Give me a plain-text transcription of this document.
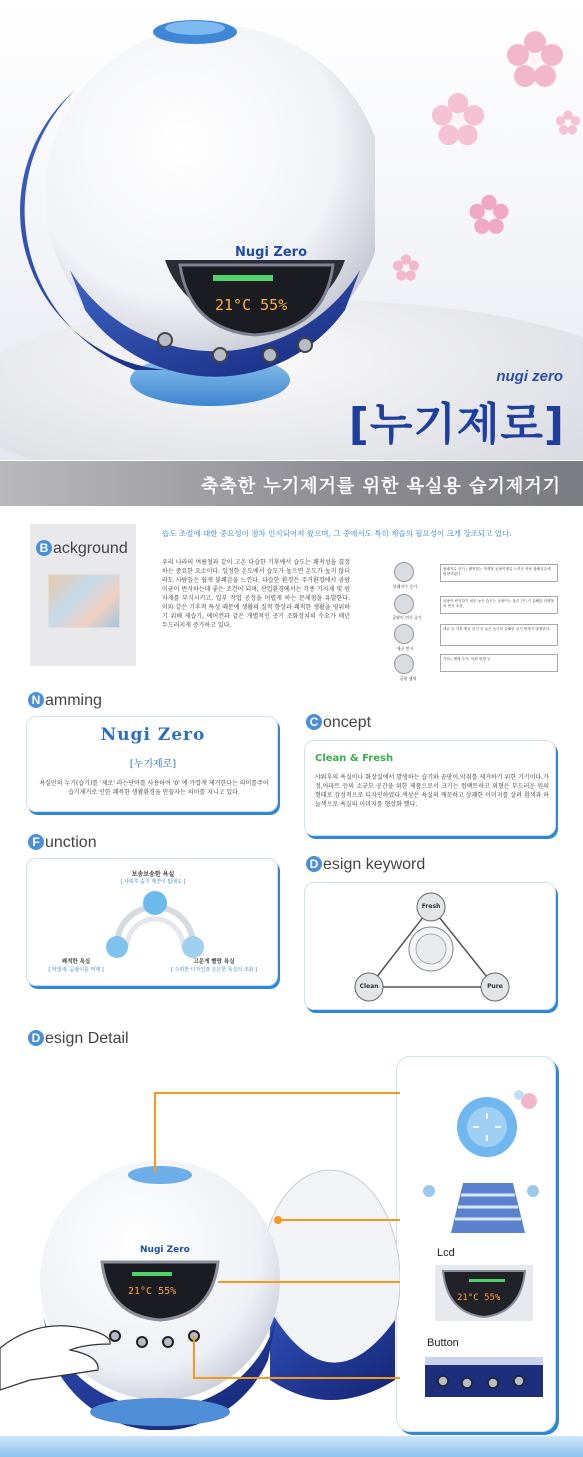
Nugi Zero
21°C 55%
nugi zero
[누기제로]
축축한 누기제거를 위한 욕실용 습기제거기
B ackground
습도 조절에 대한 중요성이 점차 인식되어져 왔으며, 그 중에서도 특히 제습의 필요성이 크게 강조되고 있다.
우리 나라의 여름철과 같이 고온 다습한 기후에서 습도는 쾌적성을 결정하는 중요한 요소이다. 일정한 온도에서 습도가 높으면 온도가 높지 않더라도 사람들은 쉽게 불쾌감을 느낀다. 다습한 환경은 주거환경에서 곰팡이균이 번식하는데 좋은 조건이 되며, 산업환경에서는 각종 기자재 및 원자재를 부식시키고, 일부 작업 공정을 어렵게 하는 문제점을 유발한다. 이와 같은 기후적 특성 때문에 생활의 질적 향상과 쾌적한 생활을 영위하기 위해 제습기, 에어컨과 같은 개별적인 공기 조화장치의 수요가 매년 두드러지게 증가하고 있다.
불쾌지수 증가
불쾌지수 증가 / 쾌적하는 미생물 곰팡이방류 느끼운 작용 불쾌지수에 영향하였다.
곰팡이 번식 증가
곰팡이 번식하기 쉬운 높은 습도는 곰팡이는 물론 진드기 유해한 미생물의 번식 조건
세균 번식
세균 등 각종 병균 증식 등 높은 습기의 유해한 공기 발생시 발생한다.
곰팡 냄새
기타 / 냄새 부식, 악취 발생 등
N amming
Nugi Zero
[누기제로]
욕실안의 누기(습기)를 '제로' 라는단어를 사용하여 '0' 에 가깝게 제거한다는 의미를주어 습기제거로 인한 쾌적한 생활환경을 만들자는 의미를 지니고 있다.
C oncept
Clean & Fresh
샤워후의 욕실이나 화장실에서 발생하는 습기와 곰팡이,악취를 제거하기 위한 기기이다.가정,아파트 등의 소규모 공간을 위한 제품으로서 크기는 컴팩트하고 외형은 부드러운 원의 형태로 감성적으로 디자인하였다.색상은 욕실의 깨끗하고 상쾌한 이미지를 살려 흰색과 하늘색으로 욕실의 이미지를 형상화 했다.
F unction
보송보송한 욕실
[ 샤워후 습기 깨끗이 없애도 ]
쾌적한 욕실
[ 악냄새, 곰팡이를 억제 ]
고운게 빨랑 욕실
[ 수려한 디자인과 은은한 욕실의 조화 ]
D esign keyword
Fresh
Clean	Pure
D esign Detail
Lcd
21°C 55%
Button
Nugi Zero
21°C 55%
